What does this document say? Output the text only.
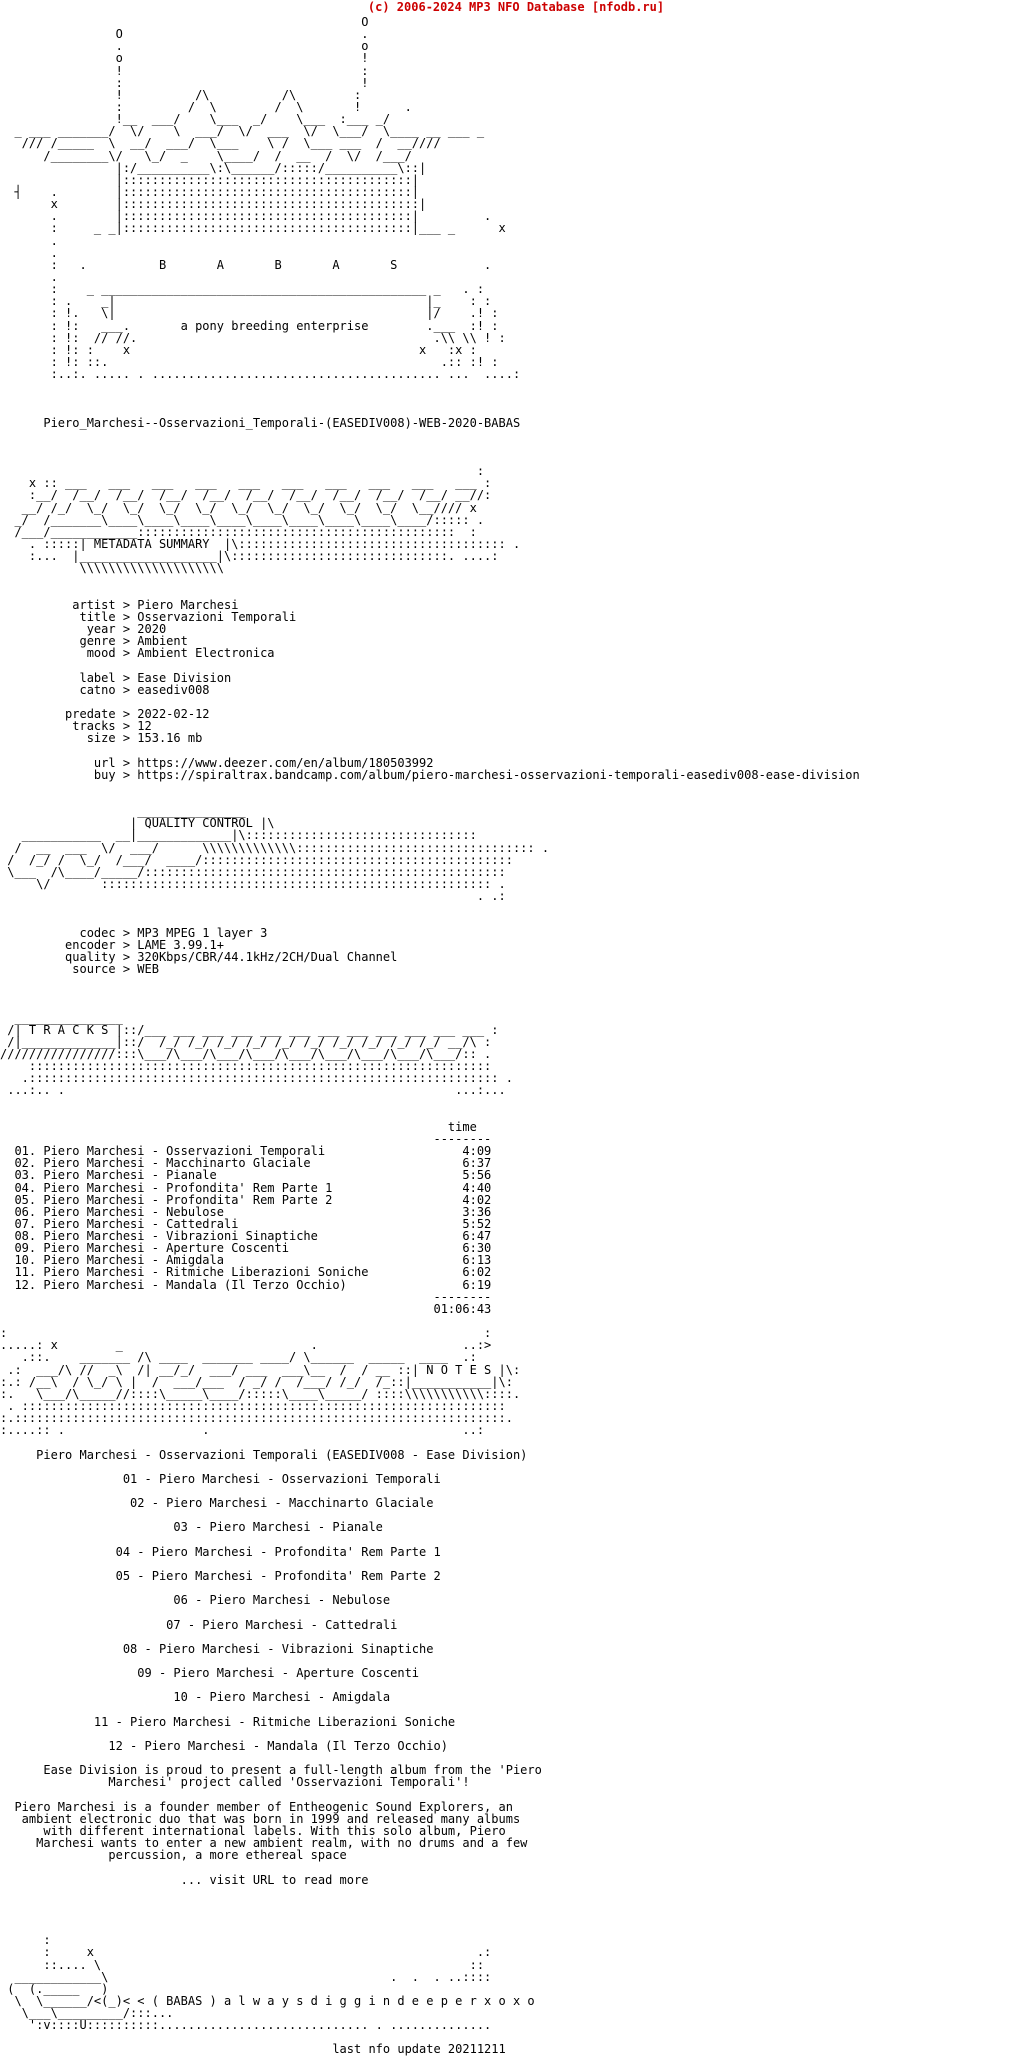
(c) 2006-2024 MP3 NFO Database [nfodb.ru]
O
O                                 .
.                                 o
o                                 !
!                                 :
:                                 !
!          /\          /\        :
:         /  \        /  \       !      .
!__  ___/    \___  _/    \___  :___ _/
_ ___ _______/  \/    \  ___/  \/  ___  \/  \___/  \____ __ ___ _
/// /_____  \  __/  ___/  \___    \ /  \___ ___  /  __////
/________\/   \_/  _    \____/  /  __  /  \/  /___/
|:/__________\:\______/:::::/__________\::|
|::::::::::::::::::::::::::::::::::::::::|
┤    .        |::::::::::::::::::::::::::::::::::::::::|
x        |:::::::::::::::::::::::::::::::::::::::::|
.        |::::::::::::::::::::::::::::::::::::::::|         .
:     _ _|::::::::::::::::::::::::::::::::::::::::|___ _      x
.
.
:   .          B       A       B       A       S            .
.
:    _ _____________________________________________ _   . :
: .    _|                                           |_    : :
: !.   \|                                           |/    .! :
: !:   ___.       a pony breeding enterprise        .___  :! :
: !:  // //.                                         .\\ \\ ! :
: !: :    x                                        x   :x :
: !: ::.                                              .:: :! :
:..:. ..... . ........................................ ...  ....:

Piero_Marchesi--Osservazioni_Temporali-(EASEDIV008)-WEB-2020-BABAS

:
x :: ___   ___   ___   ___   ___   ___   ___   ___   ___   ___ :
:__/  /__/  /__/  /__/  /__/  /__/  /__/  /__/  /__/  /__/ __//:
__/ /_/  \_/  \_/  \_/  \_/  \_/  \_/  \_/  \_/  \_/  \__//// x
_/  /_______\____\____\____\____\____\____\____\____\____/::::: .
/___/____________::::::::::::::::::::::::::::::::::::::::::::  :
. :::::| METADATA SUMMARY  |\::::::::::::::::::::::::::::::::::::: .
:...  |___________________|\::::::::::::::::::::::::::::::. ....:
\\\\\\\\\\\\\\\\\\\\

artist > Piero Marchesi
title > Osservazioni Temporali
year > 2020
genre > Ambient
mood > Ambient Electronica

label > Ease Division
catno > easediv008

predate > 2022-02-12
tracks > 12
size > 153.16 mb

url > https://www.deezer.com/en/album/180503992
buy > https://spiraltrax.bandcamp.com/album/piero-marchesi-osservazioni-temporali-easediv008-ease-division

_______________
| QUALITY CONTROL |\
___________  __|_____________|\::::::::::::::::::::::::::::::::
/  __  ___  \/  ___/      \\\\\\\\\\\\\::::::::::::::::::::::::::::::::: .
/  /_/ /  \_/  /___/  ____/:::::::::::::::::::::::::::::::::::::::::::
\___  /\____/_____/::::::::::::::::::::::::::::::::::::::::::::::::::
\/       :::::::::::::::::::::::::::::::::::::::::::::::::::::: .
. .:

codec > MP3 MPEG 1 layer 3
encoder > LAME 3.99.1+
quality > 320Kbps/CBR/44.1kHz/2CH/Dual Channel
source > WEB

_______________
/| T R A C K S |::/___ ___ ___ ___ ___ ___ ___ ___ ___ ___ ___ ___ :
/|_____________|::/  /_/ /_/ /_/ /_/ /_/ /_/ /_/ /_/ /_/ /_/ __/\ :
////////////////:::\___/\___/\___/\___/\___/\___/\___/\___/\___/:: .
::::::::::::::::::::::::::::::::::::::::::::::::::::::::::::::::
.::::::::::::::::::::::::::::::::::::::::::::::::::::::::::::::::: .
...:.. .                                                      ...:...

time
--------
01. Piero Marchesi - Osservazioni Temporali                   4:09
02. Piero Marchesi - Macchinarto Glaciale                     6:37
03. Piero Marchesi - Pianale                                  5:56
04. Piero Marchesi - Profondita' Rem Parte 1                  4:40
05. Piero Marchesi - Profondita' Rem Parte 2                  4:02
06. Piero Marchesi - Nebulose                                 3:36
07. Piero Marchesi - Cattedrali                               5:52
08. Piero Marchesi - Vibrazioni Sinaptiche                    6:47
09. Piero Marchesi - Aperture Coscenti                        6:30
10. Piero Marchesi - Amigdala                                 6:13
11. Piero Marchesi - Ritmiche Liberazioni Soniche             6:02
12. Piero Marchesi - Mandala (Il Terzo Occhio)                6:19
--------
01:06:43

:                                                                  :
.....: x        _                          .                    ..:>
.::.    _______ /\ ____  _______ ____/ \______  _____  ____  .:
.:  ___/\ //  _\  /| __/_/  ___/ ___  ___\__  /  / __ ::| N O T E S |\:
:.: /__\  / \_/ \ |  /  ___/___  / _/ /  /___/ /_/  /_::|___________|\:
:.   \___/\_____//::::\_____\____/:::::\____\_____/ ::::\\\\\\\\\\\::::.
. :::::::::::::::::::::::::::::::::::::::::::::::::::::::::::::::::::
:.::::::::::::::::::::::::::::::::::::::::::::::::::::::::::::::::::::.
:....:: .                   .                                   ..:

Piero Marchesi - Osservazioni Temporali (EASEDIV008 - Ease Division)

01 - Piero Marchesi - Osservazioni Temporali

02 - Piero Marchesi - Macchinarto Glaciale

03 - Piero Marchesi - Pianale

04 - Piero Marchesi - Profondita' Rem Parte 1

05 - Piero Marchesi - Profondita' Rem Parte 2

06 - Piero Marchesi - Nebulose

07 - Piero Marchesi - Cattedrali

08 - Piero Marchesi - Vibrazioni Sinaptiche

09 - Piero Marchesi - Aperture Coscenti

10 - Piero Marchesi - Amigdala

11 - Piero Marchesi - Ritmiche Liberazioni Soniche

12 - Piero Marchesi - Mandala (Il Terzo Occhio)

Ease Division is proud to present a full-length album from the 'Piero
Marchesi' project called 'Osservazioni Temporali'!

Piero Marchesi is a founder member of Entheogenic Sound Explorers, an
ambient electronic duo that was born in 1999 and released many albums
with different international labels. With this solo album, Piero
Marchesi wants to enter a new ambient realm, with no drums and a few
percussion, a more ethereal space

... visit URL to read more

:
:     x                                                     .:
::.... \                                                   ::
____________\                                       .  .  . ..::::
(  (._____   )
\  \______/<(_)< < ( BABAS ) a l w a y s d i g g i n d e e p e r x o x o
\___\_________/:::...
':v::::U::::::::::............................. . ..............

last nfo update 20211211
